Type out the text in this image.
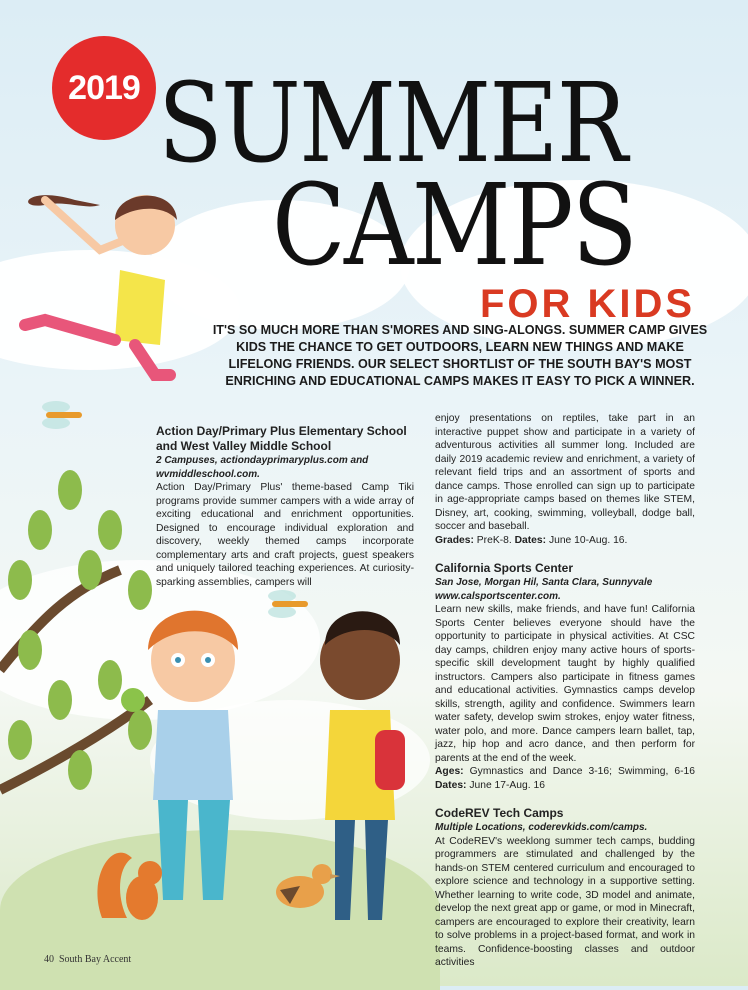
2019 SUMMER
CAMPS
FOR KIDS
IT'S SO MUCH MORE THAN S'MORES AND SING-ALONGS. SUMMER CAMP GIVES KIDS THE CHANCE TO GET OUTDOORS, LEARN NEW THINGS AND MAKE LIFELONG FRIENDS. OUR SELECT SHORTLIST OF THE SOUTH BAY'S MOST ENRICHING AND EDUCATIONAL CAMPS MAKES IT EASY TO PICK A WINNER.
Action Day/Primary Plus Elementary School and West Valley Middle School
2 Campuses, actiondayprimaryplus.com and wvmiddleschool.com.

Action Day/Primary Plus' theme-based Camp Tiki programs provide summer campers with a wide array of exciting educational and enrichment opportunities. Designed to encourage individual exploration and discovery, weekly themed camps incorporate complementary arts and craft projects, guest speakers and uniquely tailored teaching experiences. At curiosity-sparking assemblies, campers will

enjoy presentations on reptiles, take part in an interactive puppet show and participate in a variety of adventurous activities all summer long. Included are daily 2019 academic review and enrichment, a variety of relevant field trips and an assortment of sports and dance camps. Those enrolled can sign up to participate in age-appropriate camps based on themes like STEM, Disney, art, cooking, swimming, volleyball, dodge ball, soccer and baseball.

Grades: PreK-8. Dates: June 10-Aug. 16.

California Sports Center
San Jose, Morgan Hil, Santa Clara, Sunnyvale www.calsportscenter.com.

Learn new skills, make friends, and have fun! California Sports Center believes everyone should have the opportunity to participate in physical activities. At CSC day camps, children enjoy many active hours of sports-specific skill development taught by highly qualified instructors. Campers also participate in fitness games and educational activities. Gymnastics camps develop skills, strength, agility and confidence. Swimmers learn water safety, develop swim strokes, enjoy water fitness, water polo, and more. Dance campers learn ballet, tap, jazz, hip hop and acro dance, and then perform for parents at the end of the week.

Ages: Gymnastics and Dance 3-16; Swimming, 6-16 Dates: June 17-Aug. 16

CodeREV Tech Camps
Multiple Locations, coderevkids.com/camps.

At CodeREV's weeklong summer tech camps, budding programmers are stimulated and challenged by the hands-on STEM centered curriculum and encouraged to explore science and technology in a supportive setting. Whether learning to write code, 3D model and animate, develop the next great app or game, or mod in Minecraft, campers are encouraged to explore their creativity, learn to solve problems in a project-based format, and work in teams. Confidence-boosting classes and outdoor activities

40 South Bay Accent
